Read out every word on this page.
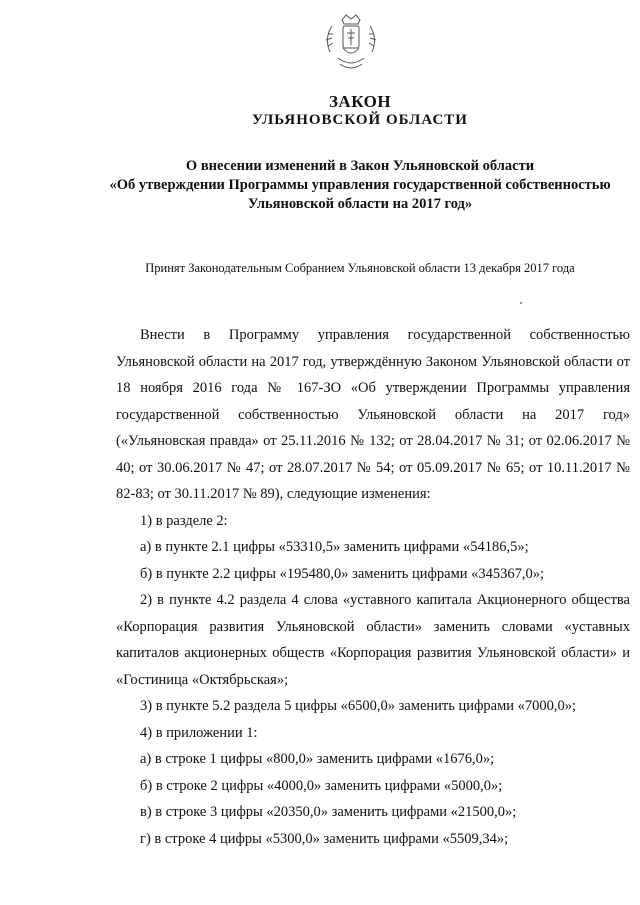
ЗАКОН
УЛЬЯНОВСКОЙ ОБЛАСТИ
О внесении изменений в Закон Ульяновской области
«Об утверждении Программы управления государственной собственностью
Ульяновской области на 2017 год»
Принят Законодательным Собранием Ульяновской области 13 декабря 2017 года

Внести в Программу управления государственной собственностью Ульяновской области на 2017 год, утверждённую Законом Ульяновской области от 18 ноября 2016 года № 167-ЗО «Об утверждении Программы управления государственной собственностью Ульяновской области на 2017 год» («Ульяновская правда» от 25.11.2016 № 132; от 28.04.2017 № 31; от 02.06.2017 № 40; от 30.06.2017 № 47; от 28.07.2017 № 54; от 05.09.2017 № 65; от 10.11.2017 № 82-83; от 30.11.2017 № 89), следующие изменения:

1) в разделе 2:

а) в пункте 2.1 цифры «53310,5» заменить цифрами «54186,5»;

б) в пункте 2.2 цифры «195480,0» заменить цифрами «345367,0»;

2) в пункте 4.2 раздела 4 слова «уставного капитала Акционерного общества «Корпорация развития Ульяновской области» заменить словами «уставных капиталов акционерных обществ «Корпорация развития Ульяновской области» и «Гостиница «Октябрьская»;

3) в пункте 5.2 раздела 5 цифры «6500,0» заменить цифрами «7000,0»;

4) в приложении 1:

а) в строке 1 цифры «800,0» заменить цифрами «1676,0»;

б) в строке 2 цифры «4000,0» заменить цифрами «5000,0»;

в) в строке 3 цифры «20350,0» заменить цифрами «21500,0»;

г) в строке 4 цифры «5300,0» заменить цифрами «5509,34»;
